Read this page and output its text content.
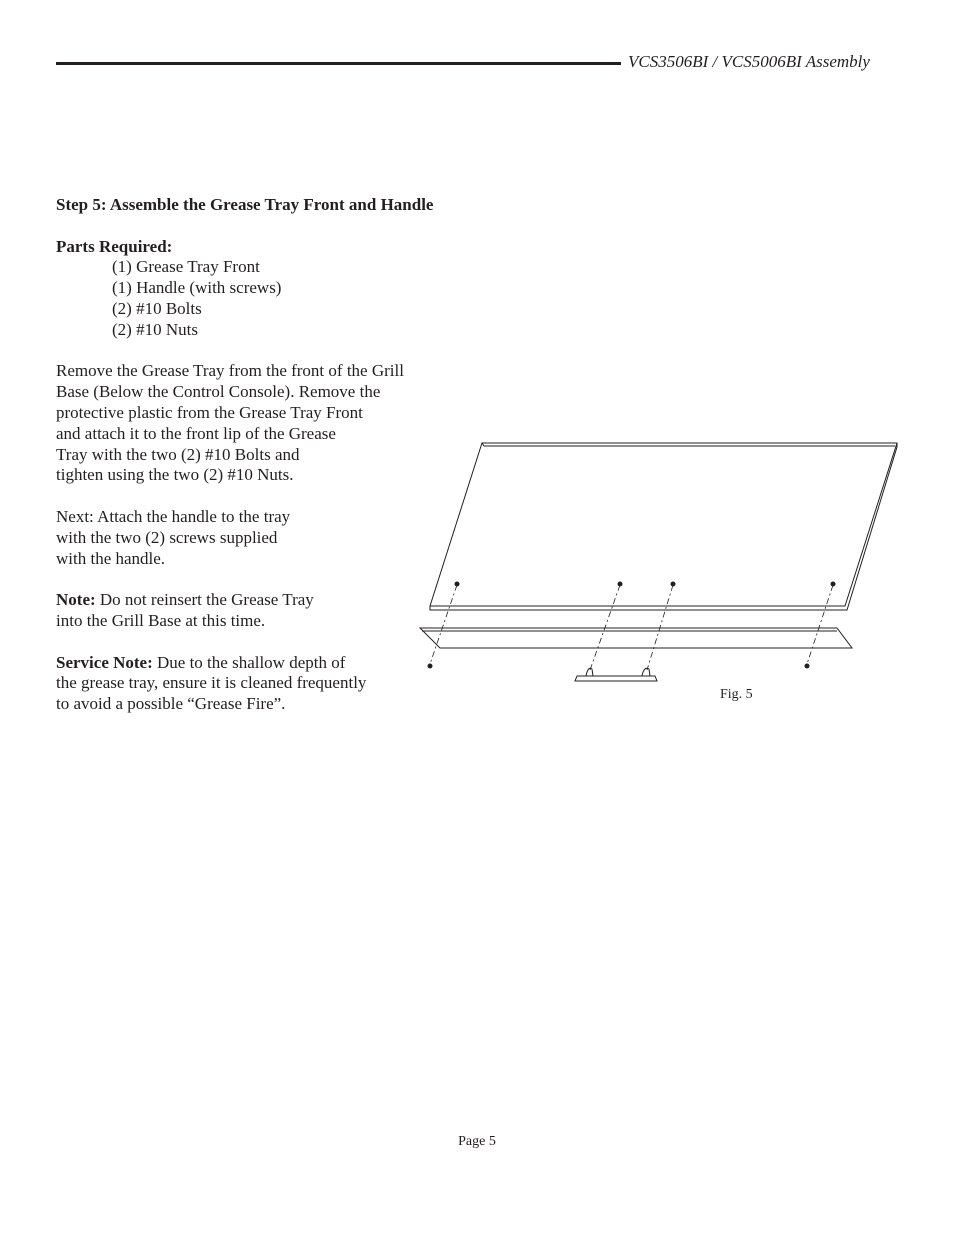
VCS3506BI / VCS5006BI Assembly

Step 5: Assemble the Grease Tray Front and Handle

Parts Required:

(1) Grease Tray Front
(1) Handle (with screws)
(2) #10 Bolts
(2) #10 Nuts

Remove the Grease Tray from the front of the Grill
Base (Below the Control Console). Remove the
protective plastic from the Grease Tray Front
and attach it to the front lip of the Grease
Tray with the two (2) #10 Bolts and
tighten using the two (2) #10 Nuts.

Next: Attach the handle to the tray
with the two (2) screws supplied
with the handle.

Note: Do not reinsert the Grease Tray
into the Grill Base at this time.

Service Note: Due to the shallow depth of
the grease tray, ensure it is cleaned frequently
to avoid a possible “Grease Fire”.	Fig. 5
Page 5
